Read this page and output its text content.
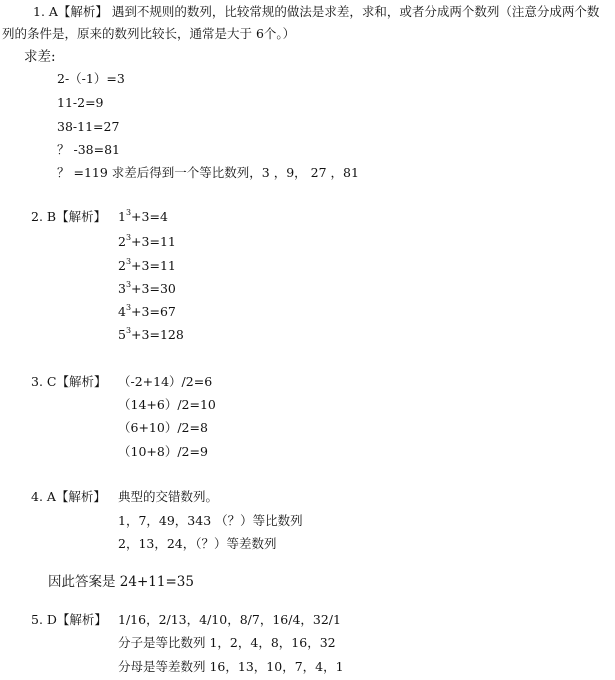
1. A【解析】 遇到不规则的数列，比较常规的做法是求差，求和，或者分成两个数列（注意分成两个数
列的条件是，原来的数列比较长，通常是大于 6个。）
求差:
2-（-1）=3
11-2=9
38-11=27
？ -38=81
？ =119 求差后得到一个等比数列，3 ，9， 27 ，81
2. B【解析】 $1^3+3=4$
$2^3+3=11$
$2^3+3=11$
$3^3+3=30$
$4^3+3=67$
$5^3+3=128$
3. C【解析】 （-2+14）/2=6
（14+6）/2=10
（6+10）/2=8
（10+8）/2=9
4. A【解析】 典型的交错数列。
1，7，49，343 （？）等比数列
2，13，24，（？）等差数列
因此答案是 24+11=35
5. D【解析】 1/16，2/13，4/10，8/7，16/4，32/1
分子是等比数列 1，2，4，8，16，32
分母是等差数列 16，13，10，7，4，1
